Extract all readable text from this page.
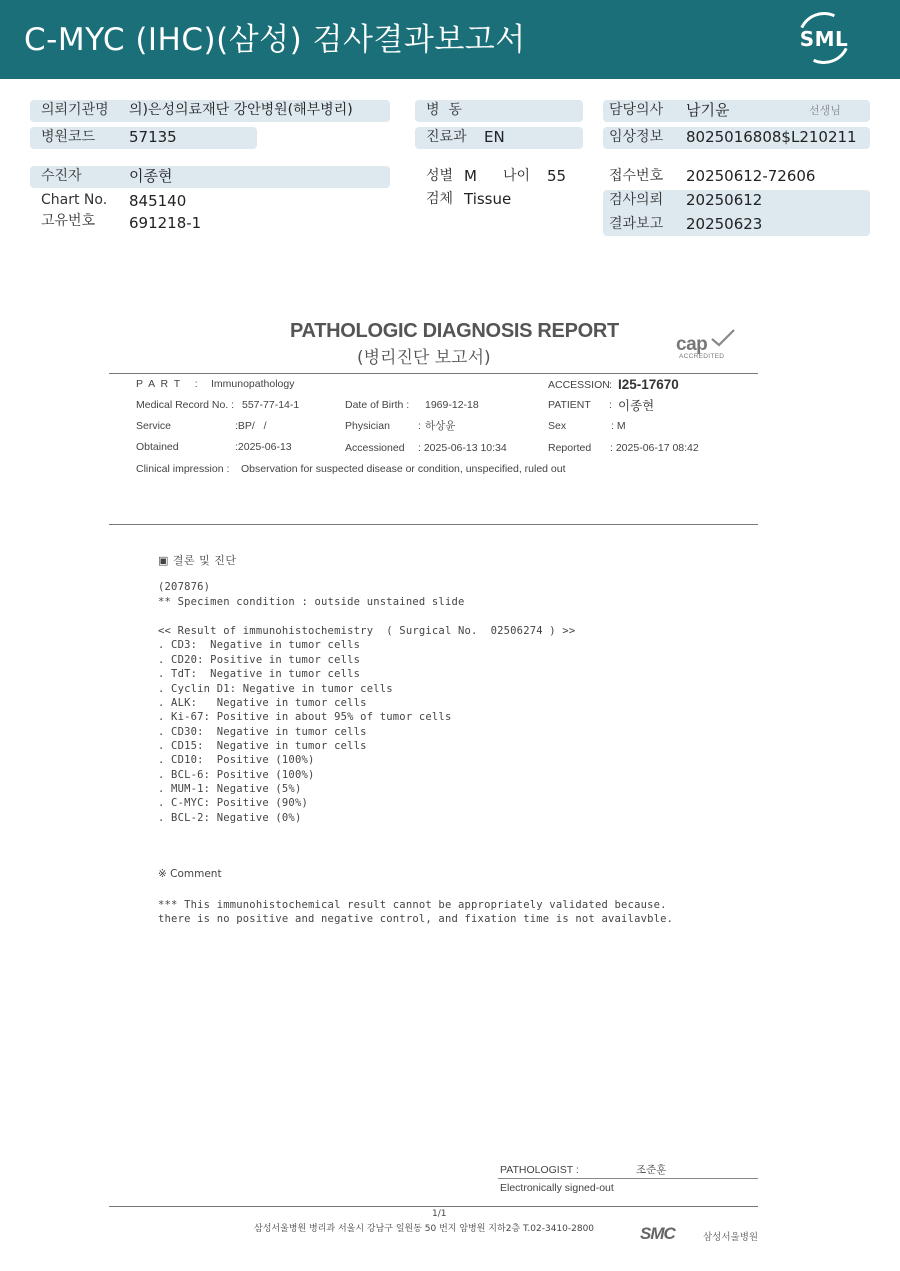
C-MYC (IHC)(삼성) 검사결과보고서	SML
의뢰기관명 의)은성의료재단 강안병원(해부병리)
병원코드 57135
병  동
진료과 EN
담당의사 남기윤	선생님
임상정보 8025016808$L210211
수진자	이종현
Chart No. 845140
고유번호 691218-1
성별 M 나이 55
검체 Tissue
접수번호 20250612-72606
검사의뢰 20250612
결과보고 20250623
PATHOLOGIC DIAGNOSIS REPORT
(병리진단 보고서)
cap
ACCREDITED
P A R T   : Immunopathology	ACCESSION : I25-17670
Medical Record No. : 557-77-14-1	Date of Birth : 1969-12-18	PATIENT : 이종현
Service	:BP/   /	Physician	: 하상윤	Sex	: M
Obtained	:2025-06-13	Accessioned : 2025-06-13 10:34	Reported : 2025-06-17 08:42
Clinical impression : Observation for suspected disease or condition, unspecified, ruled out
▣ 결론 및 진단
(207876)
** Specimen condition : outside unstained slide
<< Result of immunohistochemistry  ( Surgical No.  02506274 ) >>
. CD3:  Negative in tumor cells
. CD20: Positive in tumor cells
. TdT:  Negative in tumor cells
. Cyclin D1: Negative in tumor cells
. ALK:   Negative in tumor cells
. Ki-67: Positive in about 95% of tumor cells
. CD30:  Negative in tumor cells
. CD15:  Negative in tumor cells
. CD10:  Positive (100%)
. BCL-6: Positive (100%)
. MUM-1: Negative (5%)
. C-MYC: Positive (90%)
. BCL-2: Negative (0%)
※ Comment
*** This immunohistochemical result cannot be appropriately validated because.
there is no positive and negative control, and fixation time is not availavble.
PATHOLOGIST :	조준훈
Electronically signed-out
1/1
삼성서울병원 병리과 서울시 강남구 일원동 50 번지 암병원 지하2층 T.02-3410-2800	SMC	삼성서울병원
